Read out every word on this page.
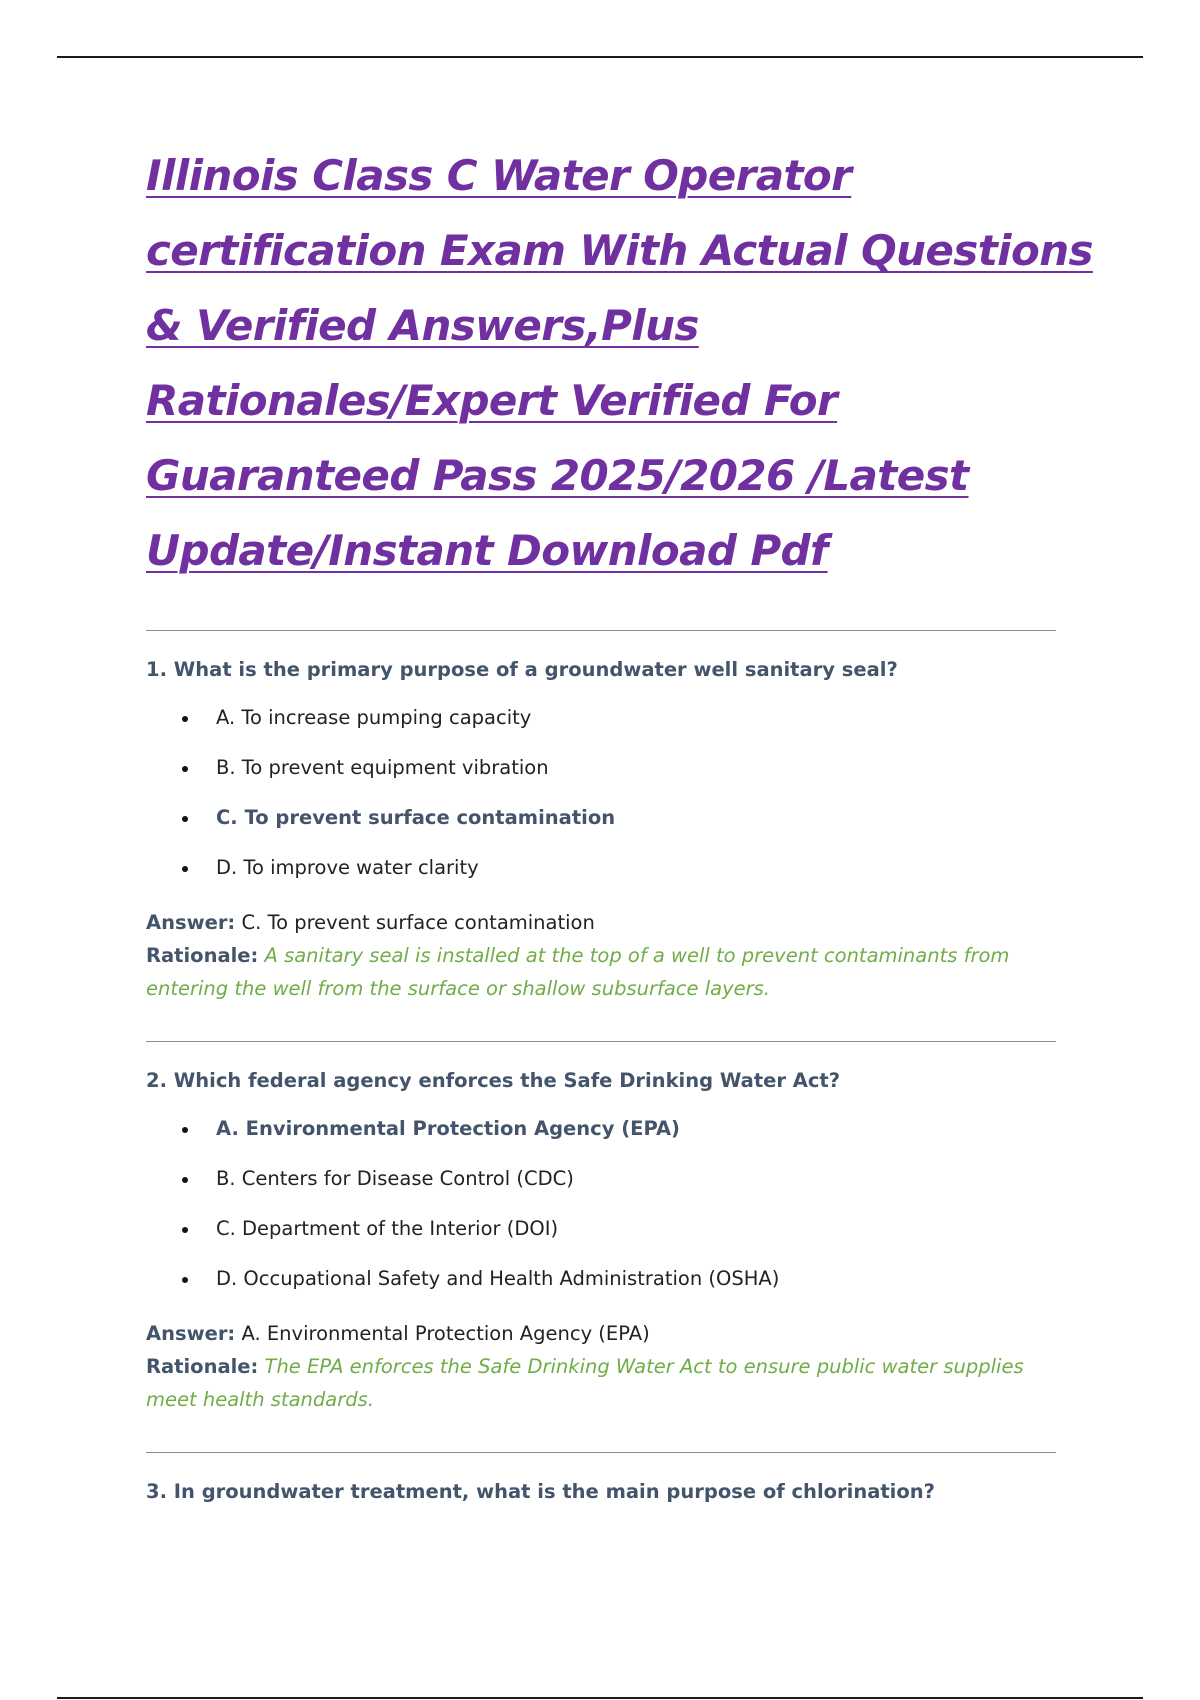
Illinois Class C Water Operator
certification Exam With Actual Questions
& Verified Answers,Plus
Rationales/Expert Verified For
Guaranteed Pass 2025/2026 /Latest
Update/Instant Download Pdf

1. What is the primary purpose of a groundwater well sanitary seal?

A. To increase pumping capacity
B. To prevent equipment vibration
C. To prevent surface contamination
D. To improve water clarity

Answer: C. To prevent surface contamination

Rationale: A sanitary seal is installed at the top of a well to prevent contaminants from entering the well from the surface or shallow subsurface layers.

2. Which federal agency enforces the Safe Drinking Water Act?

A. Environmental Protection Agency (EPA)
B. Centers for Disease Control (CDC)
C. Department of the Interior (DOI)
D. Occupational Safety and Health Administration (OSHA)

Answer: A. Environmental Protection Agency (EPA)

Rationale: The EPA enforces the Safe Drinking Water Act to ensure public water supplies meet health standards.

3. In groundwater treatment, what is the main purpose of chlorination?
